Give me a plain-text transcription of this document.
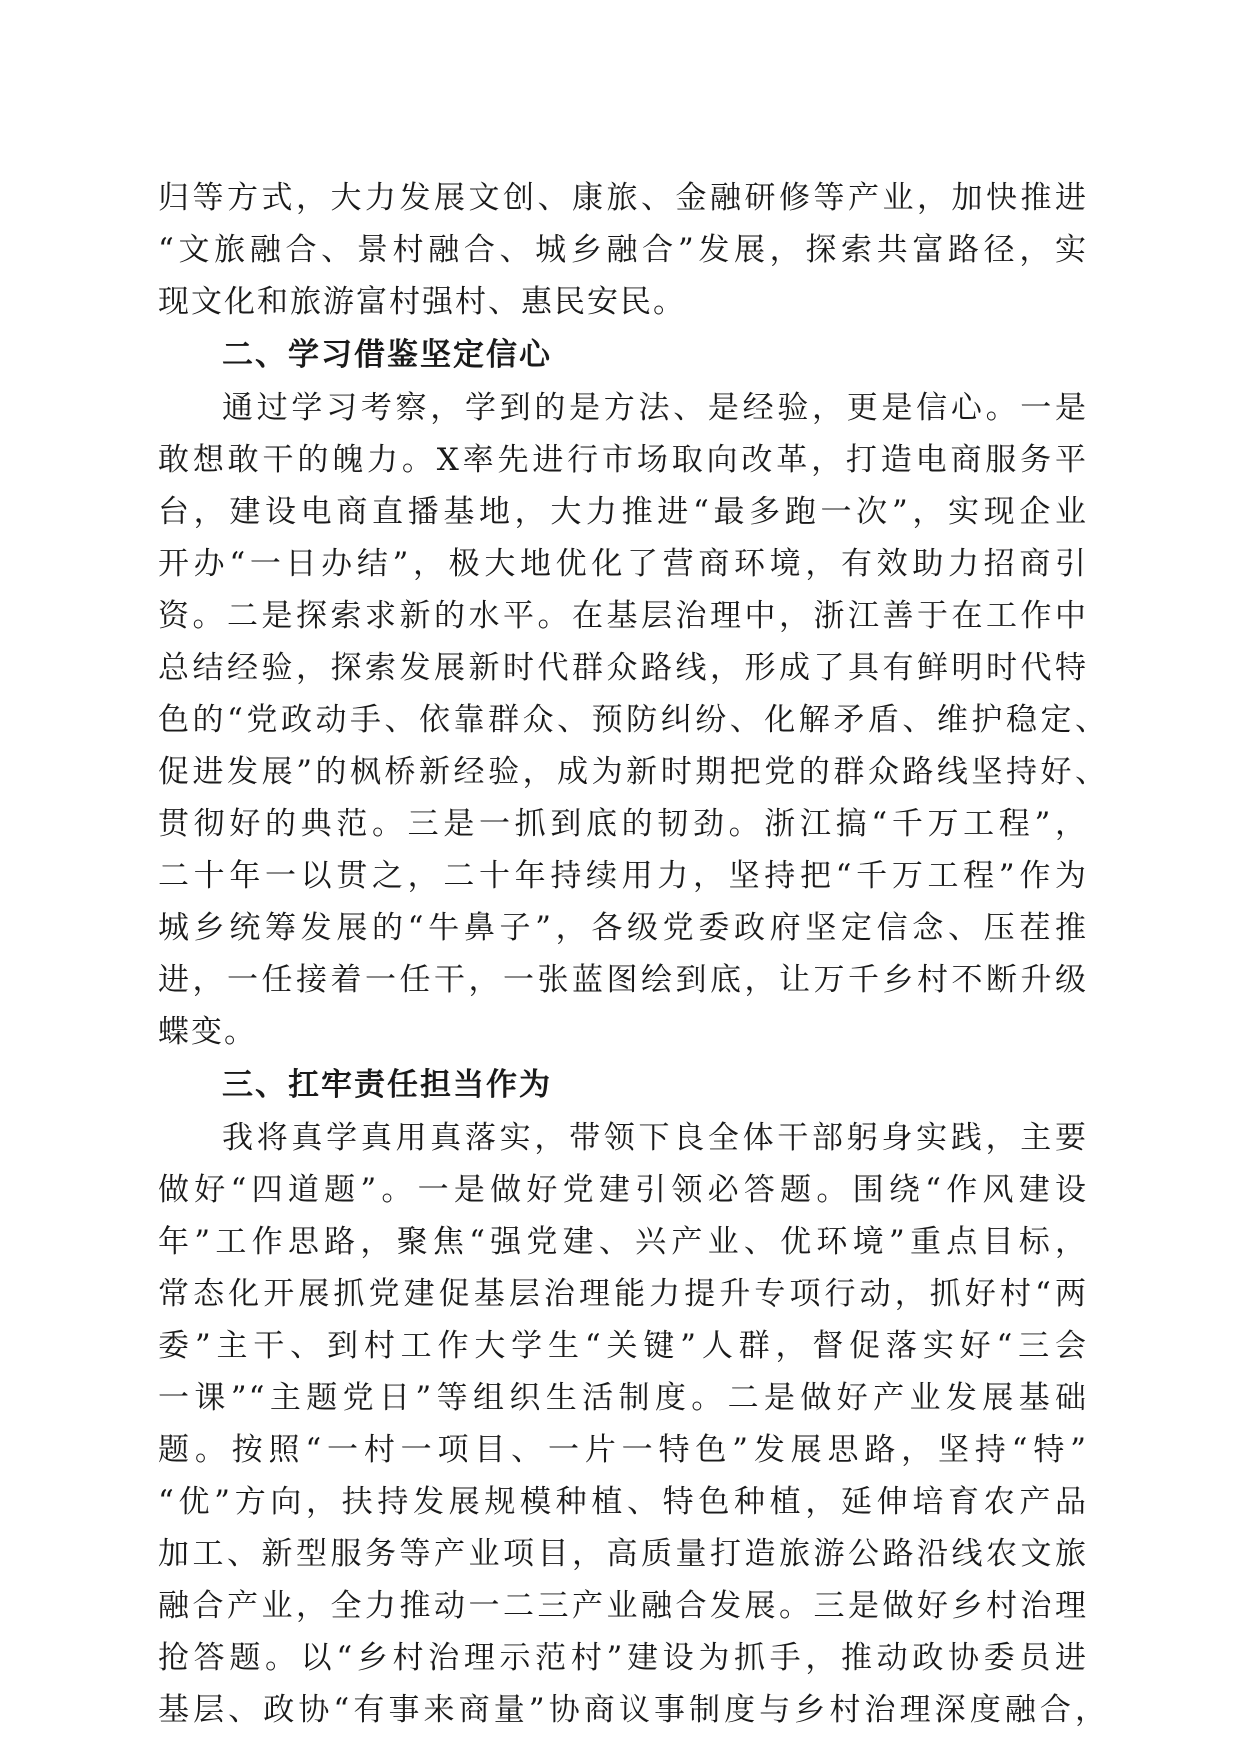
归等方式，大力发展文创、康旅、金融研修等产业，加快推进
“文旅融合、景村融合、城乡融合”发展，探索共富路径，实
现文化和旅游富村强村、惠民安民。
二、学习借鉴坚定信心
通过学习考察，学到的是方法、是经验，更是信心。一是
敢想敢干的魄力。X率先进行市场取向改革，打造电商服务平
台，建设电商直播基地，大力推进“最多跑一次”，实现企业
开办“一日办结”，极大地优化了营商环境，有效助力招商引
资。二是探索求新的水平。在基层治理中，浙江善于在工作中
总结经验，探索发展新时代群众路线，形成了具有鲜明时代特
色的“党政动手、依靠群众、预防纠纷、化解矛盾、维护稳定、
促进发展”的枫桥新经验，成为新时期把党的群众路线坚持好、
贯彻好的典范。三是一抓到底的韧劲。浙江搞“千万工程”，
二十年一以贯之，二十年持续用力，坚持把“千万工程”作为
城乡统筹发展的“牛鼻子”，各级党委政府坚定信念、压茬推
进，一任接着一任干，一张蓝图绘到底，让万千乡村不断升级
蝶变。
三、扛牢责任担当作为
我将真学真用真落实，带领下良全体干部躬身实践，主要
做好“四道题”。一是做好党建引领必答题。围绕“作风建设
年”工作思路，聚焦“强党建、兴产业、优环境”重点目标，
常态化开展抓党建促基层治理能力提升专项行动，抓好村“两
委”主干、到村工作大学生“关键”人群，督促落实好“三会
一课”“主题党日”等组织生活制度。二是做好产业发展基础
题。按照“一村一项目、一片一特色”发展思路，坚持“特”
“优”方向，扶持发展规模种植、特色种植，延伸培育农产品
加工、新型服务等产业项目，高质量打造旅游公路沿线农文旅
融合产业，全力推动一二三产业融合发展。三是做好乡村治理
抢答题。以“乡村治理示范村”建设为抓手，推动政协委员进
基层、政协“有事来商量”协商议事制度与乡村治理深度融合，
